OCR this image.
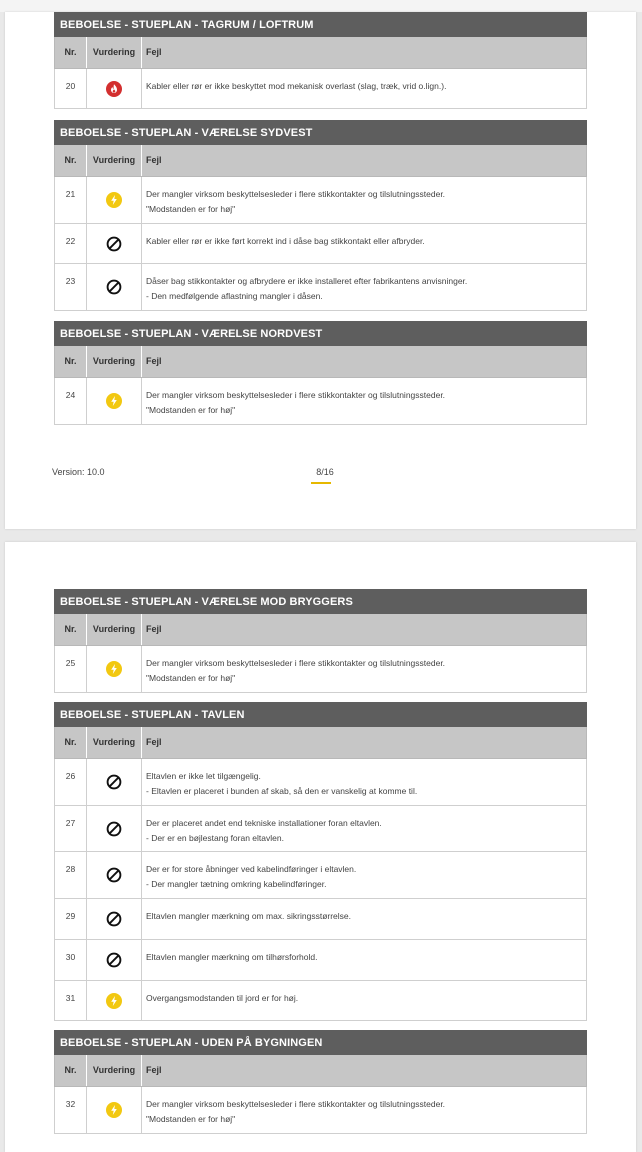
BEBOELSE - STUEPLAN - TAGRUM / LOFTRUM
Nr.	Vurdering	Fejl
20	Kabler eller rør er ikke beskyttet mod mekanisk overlast (slag, træk, vrid o.lign.).
BEBOELSE - STUEPLAN - VÆRELSE SYDVEST
Nr.	Vurdering	Fejl
21	Der mangler virksom beskyttelsesleder i flere stikkontakter og tilslutningssteder.
"Modstanden er for høj"
22	Kabler eller rør er ikke ført korrekt ind i dåse bag stikkontakt eller afbryder.
23	Dåser bag stikkontakter og afbrydere er ikke installeret efter fabrikantens anvisninger.
- Den medfølgende aflastning mangler i dåsen.
BEBOELSE - STUEPLAN - VÆRELSE NORDVEST
Nr.	Vurdering	Fejl
24	Der mangler virksom beskyttelsesleder i flere stikkontakter og tilslutningssteder.
"Modstanden er for høj"
Version: 10.0	8/16
BEBOELSE - STUEPLAN - VÆRELSE MOD BRYGGERS
Nr.	Vurdering	Fejl
25	Der mangler virksom beskyttelsesleder i flere stikkontakter og tilslutningssteder.
"Modstanden er for høj"
BEBOELSE - STUEPLAN - TAVLEN
Nr.	Vurdering	Fejl
26	Eltavlen er ikke let tilgængelig.
- Eltavlen er placeret i bunden af skab, så den er vanskelig at komme til.
27	Der er placeret andet end tekniske installationer foran eltavlen.
- Der er en bøjlestang foran eltavlen.
28	Der er for store åbninger ved kabelindføringer i eltavlen.
- Der mangler tætning omkring kabelindføringer.
29	Eltavlen mangler mærkning om max. sikringsstørrelse.
30	Eltavlen mangler mærkning om tilhørsforhold.
31	Overgangsmodstanden til jord er for høj.
BEBOELSE - STUEPLAN - UDEN PÅ BYGNINGEN
Nr.	Vurdering	Fejl
32	Der mangler virksom beskyttelsesleder i flere stikkontakter og tilslutningssteder.
"Modstanden er for høj"
